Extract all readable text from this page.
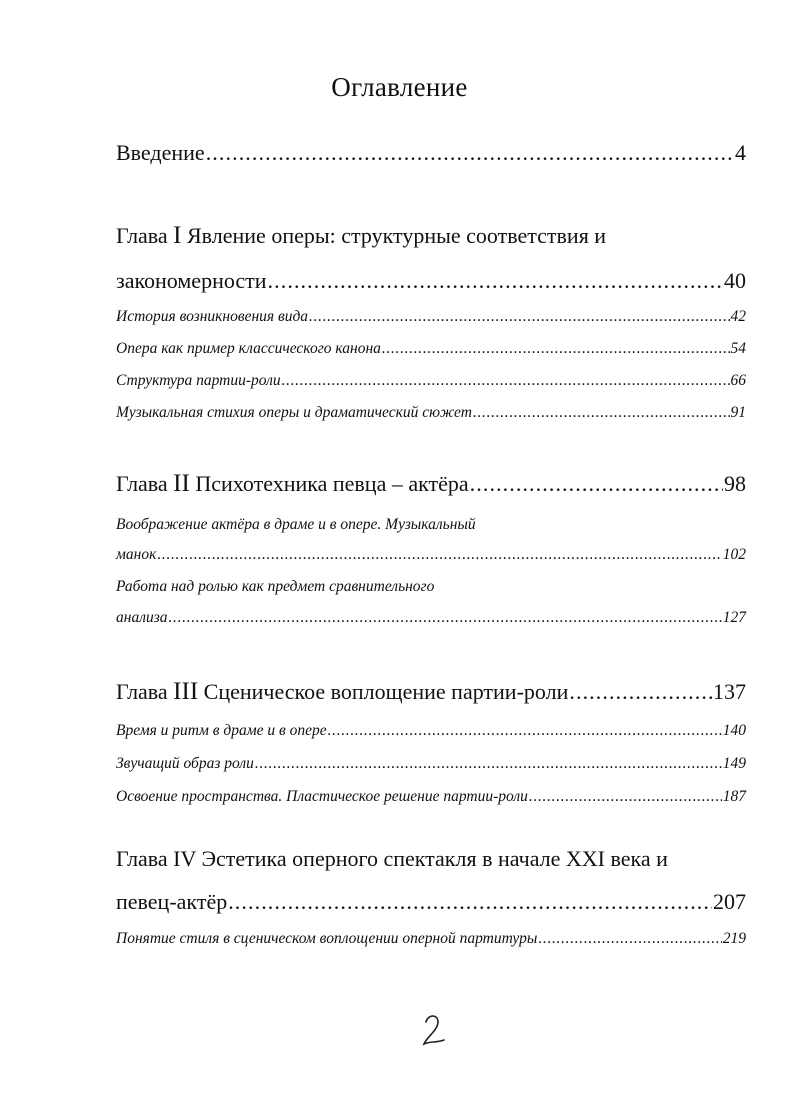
Оглавление
Введение . . .	4
Глава I Явление оперы: структурные соответствия и
закономерности . . .	40
История возникновения вида . . .	42
Опера как пример классического канона . . .	54
Структура партии-роли . . .	66
Музыкальная стихия оперы и драматический сюжет . . .	91
Глава II Психотехника певца – актёра . . .	98
Воображение актёра в драме и в опере. Музыкальный
манок . . .	102
Работа над ролью как предмет сравнительного
анализа . . .	127
Глава III Сценическое воплощение партии-роли . . .	137
Время и ритм в драме и в опере . . .	140
Звучащий образ роли . . .	149
Освоение пространства. Пластическое решение партии-роли . . .	187
Глава IV Эстетика оперного спектакля в начале XXI века и
певец-актёр . . .	207
Понятие стиля в сценическом воплощении оперной партитуры . . .	219
